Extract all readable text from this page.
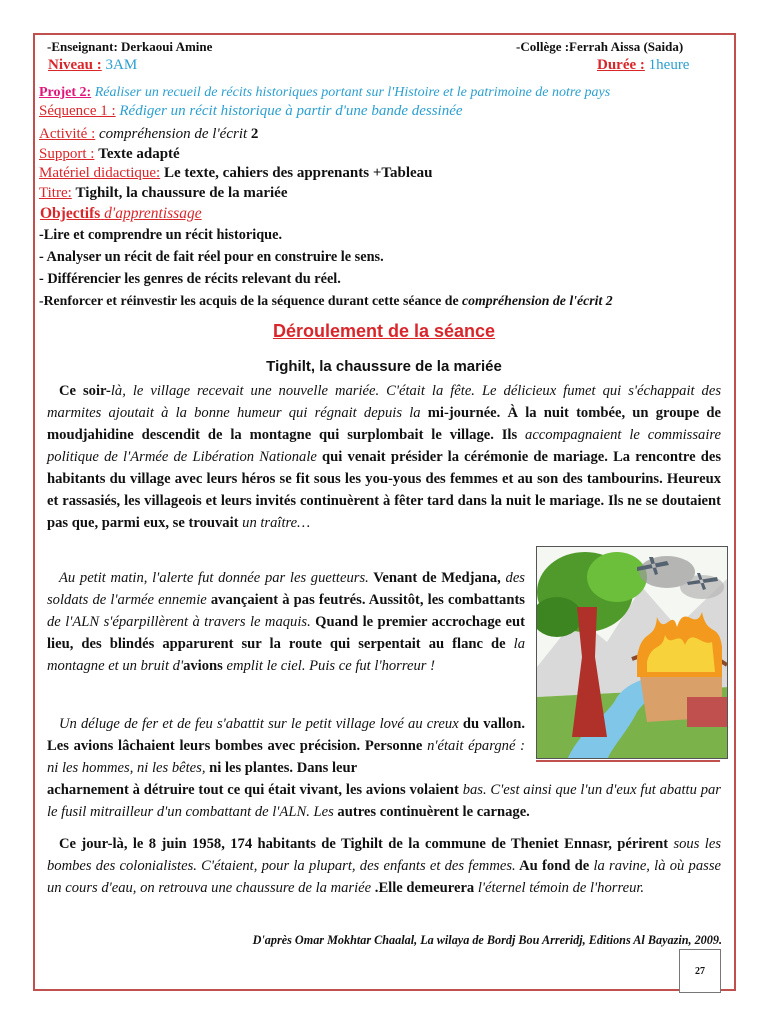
-Enseignant: Derkaoui Amine	-Collège :Ferrah Aissa (Saida)
Niveau : 3AM	Durée : 1heure
Projet 2: Réaliser un recueil de récits historiques portant sur l'Histoire et le patrimoine de notre pays
Séquence 1 : Rédiger un récit historique à partir d'une bande dessinée
Activité : compréhension de l'écrit 2
Support : Texte adapté
Matériel didactique: Le texte, cahiers des apprenants +Tableau
Titre: Tighilt, la chaussure de la mariée
Objectifs d'apprentissage
-Lire et comprendre un récit historique.
- Analyser un récit de fait réel pour en construire le sens.
- Différencier les genres de récits relevant du réel.
-Renforcer et réinvestir les acquis de la séquence durant cette séance de compréhension de l'écrit 2
Déroulement de la séance
Tighilt, la chaussure de la mariée
Ce soir-là, le village recevait une nouvelle mariée. C'était la fête. Le délicieux fumet qui s'échappait des marmites ajoutait à la bonne humeur qui régnait depuis la mi-journée. À la nuit tombée, un groupe de moudjahidine descendit de la montagne qui surplombait le village. Ils accompagnaient le commissaire politique de l'Armée de Libération Nationale qui venait présider la cérémonie de mariage. La rencontre des habitants du village avec leurs héros se fit sous les you-yous des femmes et au son des tambourins. Heureux et rassasiés, les villageois et leurs invités continuèrent à fêter tard dans la nuit le mariage. Ils ne se doutaient pas que, parmi eux, se trouvait un traître…
Au petit matin, l'alerte fut donnée par les guetteurs. Venant de Medjana, des soldats de l'armée ennemie avançaient à pas feutrés. Aussitôt, les combattants de l'ALN s'éparpillèrent à travers le maquis. Quand le premier accrochage eut lieu, des blindés apparurent sur la route qui serpentait au flanc de la montagne et un bruit d'avions emplit le ciel. Puis ce fut l'horreur !
Un déluge de fer et de feu s'abattit sur le petit village lové au creux du vallon. Les avions lâchaient leurs bombes avec précision. Personne n'était épargné : ni les hommes, ni les bêtes, ni les plantes. Dans leur
acharnement à détruire tout ce qui était vivant, les avions volaient bas. C'est ainsi que l'un d'eux fut abattu par le fusil mitrailleur d'un combattant de l'ALN. Les autres continuèrent le carnage.
Ce jour-là, le 8 juin 1958, 174 habitants de Tighilt de la commune de Theniet Ennasr, périrent sous les bombes des colonialistes. C'étaient, pour la plupart, des enfants et des femmes. Au fond de la ravine, là où passe un cours d'eau, on retrouva une chaussure de la mariée .Elle demeurera l'éternel témoin de l'horreur.
D'après Omar Mokhtar Chaalal, La wilaya de Bordj Bou Arreridj, Editions Al Bayazin, 2009.
27
